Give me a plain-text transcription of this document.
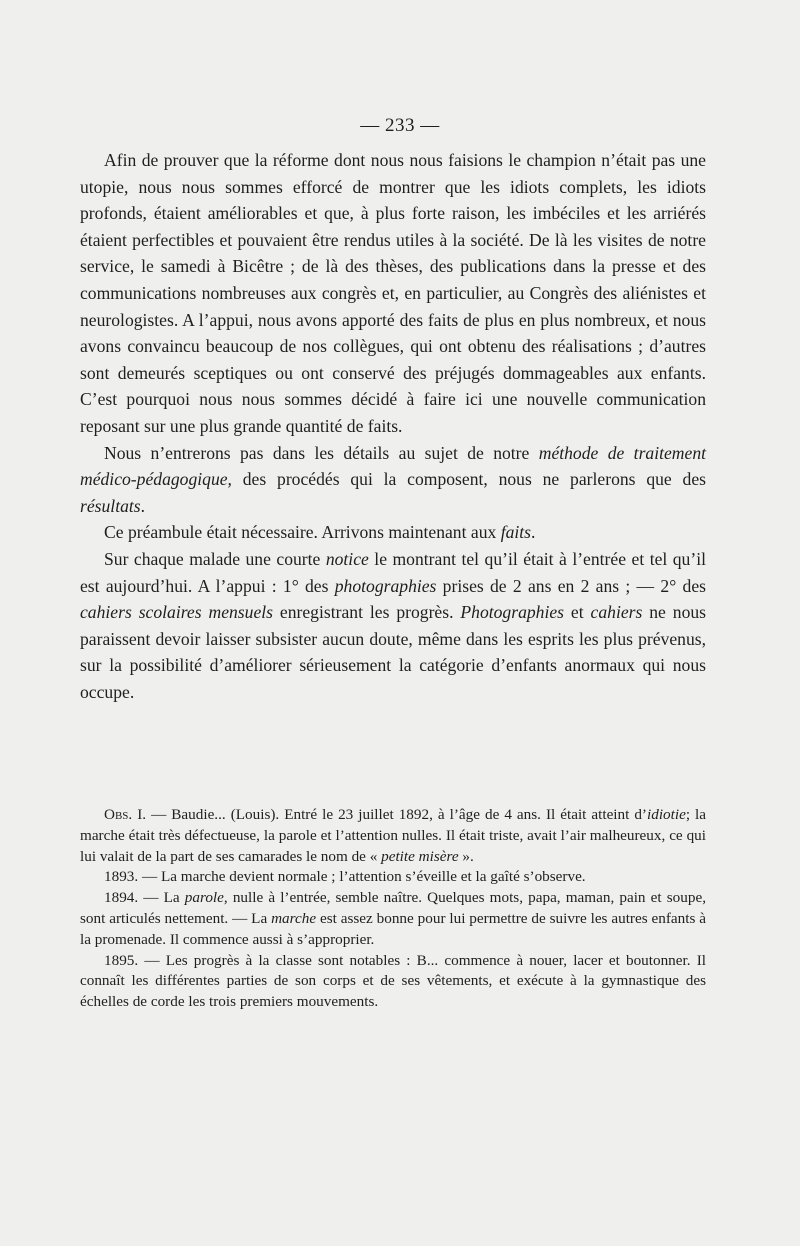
— 233 —

Afin de prouver que la réforme dont nous nous faisions le champion n’était pas une utopie, nous nous sommes efforcé de montrer que les idiots complets, les idiots profonds, étaient améliorables et que, à plus forte raison, les imbéciles et les arriérés étaient perfectibles et pouvaient être rendus utiles à la société. De là les visites de notre service, le samedi à Bicêtre ; de là des thèses, des publications dans la presse et des communications nombreuses aux congrès et, en particulier, au Congrès des aliénistes et neurologistes. A l’appui, nous avons apporté des faits de plus en plus nombreux, et nous avons convaincu beaucoup de nos collègues, qui ont obtenu des réalisations ; d’autres sont demeurés sceptiques ou ont conservé des préjugés dommageables aux enfants. C’est pourquoi nous nous sommes décidé à faire ici une nouvelle communication reposant sur une plus grande quantité de faits.

Nous n’entrerons pas dans les détails au sujet de notre méthode de traitement médico-pédagogique, des procédés qui la composent, nous ne parlerons que des résultats.

Ce préambule était nécessaire. Arrivons maintenant aux faits.

Sur chaque malade une courte notice le montrant tel qu’il était à l’entrée et tel qu’il est aujourd’hui. A l’appui : 1° des photographies prises de 2 ans en 2 ans ; — 2° des cahiers scolaires mensuels enregistrant les progrès. Photographies et cahiers ne nous paraissent devoir laisser subsister aucun doute, même dans les esprits les plus prévenus, sur la possibilité d’améliorer sérieusement la catégorie d’enfants anormaux qui nous occupe.

Obs. I. — Baudie... (Louis). Entré le 23 juillet 1892, à l’âge de 4 ans. Il était atteint d’idiotie; la marche était très défectueuse, la parole et l’attention nulles. Il était triste, avait l’air malheureux, ce qui lui valait de la part de ses camarades le nom de « petite misère ».

1893. — La marche devient normale ; l’attention s’éveille et la gaîté s’observe.

1894. — La parole, nulle à l’entrée, semble naître. Quelques mots, papa, maman, pain et soupe, sont articulés nettement. — La marche est assez bonne pour lui permettre de suivre les autres enfants à la promenade. Il commence aussi à s’approprier.

1895. — Les progrès à la classe sont notables : B... commence à nouer, lacer et boutonner. Il connaît les différentes parties de son corps et de ses vêtements, et exécute à la gymnastique des échelles de corde les trois premiers mouvements.
